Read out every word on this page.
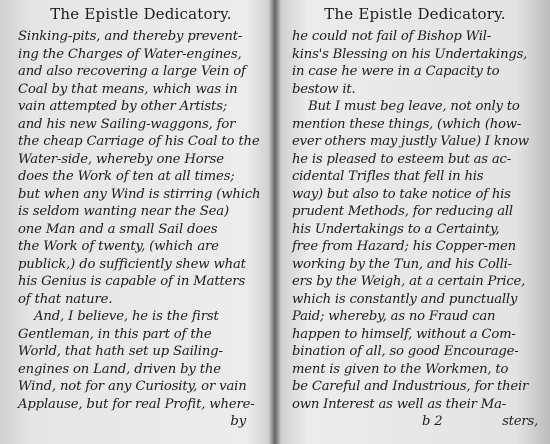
The Epistle Dedicatory.
Sinking-pits, and thereby prevent-
ing the Charges of Water-engines,
and also recovering a large Vein of
Coal by that means, which was in
vain attempted by other Artists;
and his new Sailing-waggons, for
the cheap Carriage of his Coal to the
Water-side, whereby one Horse
does the Work of ten at all times;
but when any Wind is stirring (which
is seldom wanting near the Sea)
one Man and a small Sail does
the Work of twenty, (which are
publick,) do sufficiently shew what
his Genius is capable of in Matters
of that nature.
And, I believe, he is the first
Gentleman, in this part of the
World, that hath set up Sailing-
engines on Land, driven by the
Wind, not for any Curiosity, or vain
Applause, but for real Profit, where-
by
The Epistle Dedicatory.
he could not fail of Bishop Wil-
kins's Blessing on his Undertakings,
in case he were in a Capacity to
bestow it.
But I must beg leave, not only to
mention these things, (which (how-
ever others may justly Value) I know
he is pleased to esteem but as ac-
cidental Trifles that fell in his
way) but also to take notice of his
prudent Methods, for reducing all
his Undertakings to a Certainty,
free from Hazard; his Copper-men
working by the Tun, and his Colli-
ers by the Weigh, at a certain Price,
which is constantly and punctually
Paid; whereby, as no Fraud can
happen to himself, without a Com-
bination of all, so good Encourage-
ment is given to the Workmen, to
be Careful and Industrious, for their
own Interest as well as their Ma-
b 2	sters,
